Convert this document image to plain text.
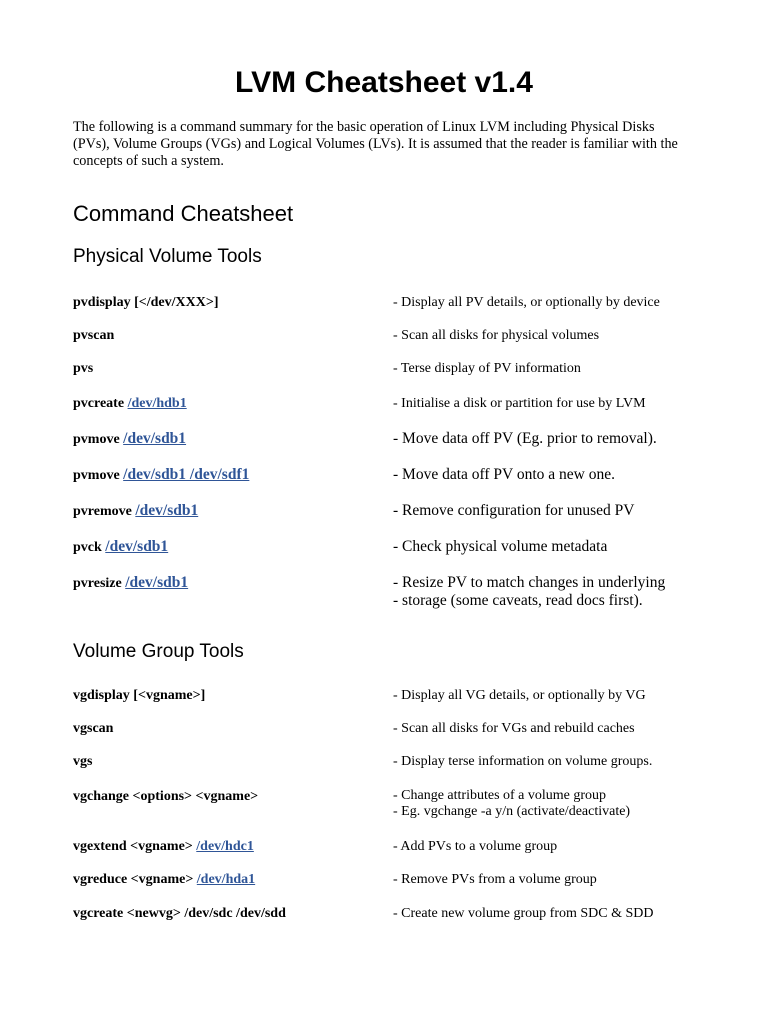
LVM Cheatsheet v1.4

The following is a command summary for the basic operation of Linux LVM including Physical Disks (PVs), Volume Groups (VGs) and Logical Volumes (LVs). It is assumed that the reader is familiar with the concepts of such a system.

Command Cheatsheet
Physical Volume Tools
pvdisplay [</dev/XXX>]	- Display all PV details, or optionally by device
pvscan	- Scan all disks for physical volumes
pvs	- Terse display of PV information
pvcreate /dev/hdb1	- Initialise a disk or partition for use by LVM
pvmove /dev/sdb1	- Move data off PV (Eg. prior to removal).
pvmove /dev/sdb1 /dev/sdf1	- Move data off PV onto a new one.
pvremove /dev/sdb1	- Remove configuration for unused PV
pvck /dev/sdb1	- Check physical volume metadata
pvresize /dev/sdb1	- Resize PV to match changes in underlying
- storage (some caveats, read docs first).
Volume Group Tools
vgdisplay [<vgname>]	- Display all VG details, or optionally by VG
vgscan	- Scan all disks for VGs and rebuild caches
vgs	- Display terse information on volume groups.
vgchange <options> <vgname>	- Change attributes of a volume group
- Eg. vgchange -a y/n (activate/deactivate)
vgextend <vgname> /dev/hdc1	- Add PVs to a volume group
vgreduce <vgname> /dev/hda1	- Remove PVs from a volume group
vgcreate <newvg> /dev/sdc /dev/sdd	- Create new volume group from SDC & SDD
